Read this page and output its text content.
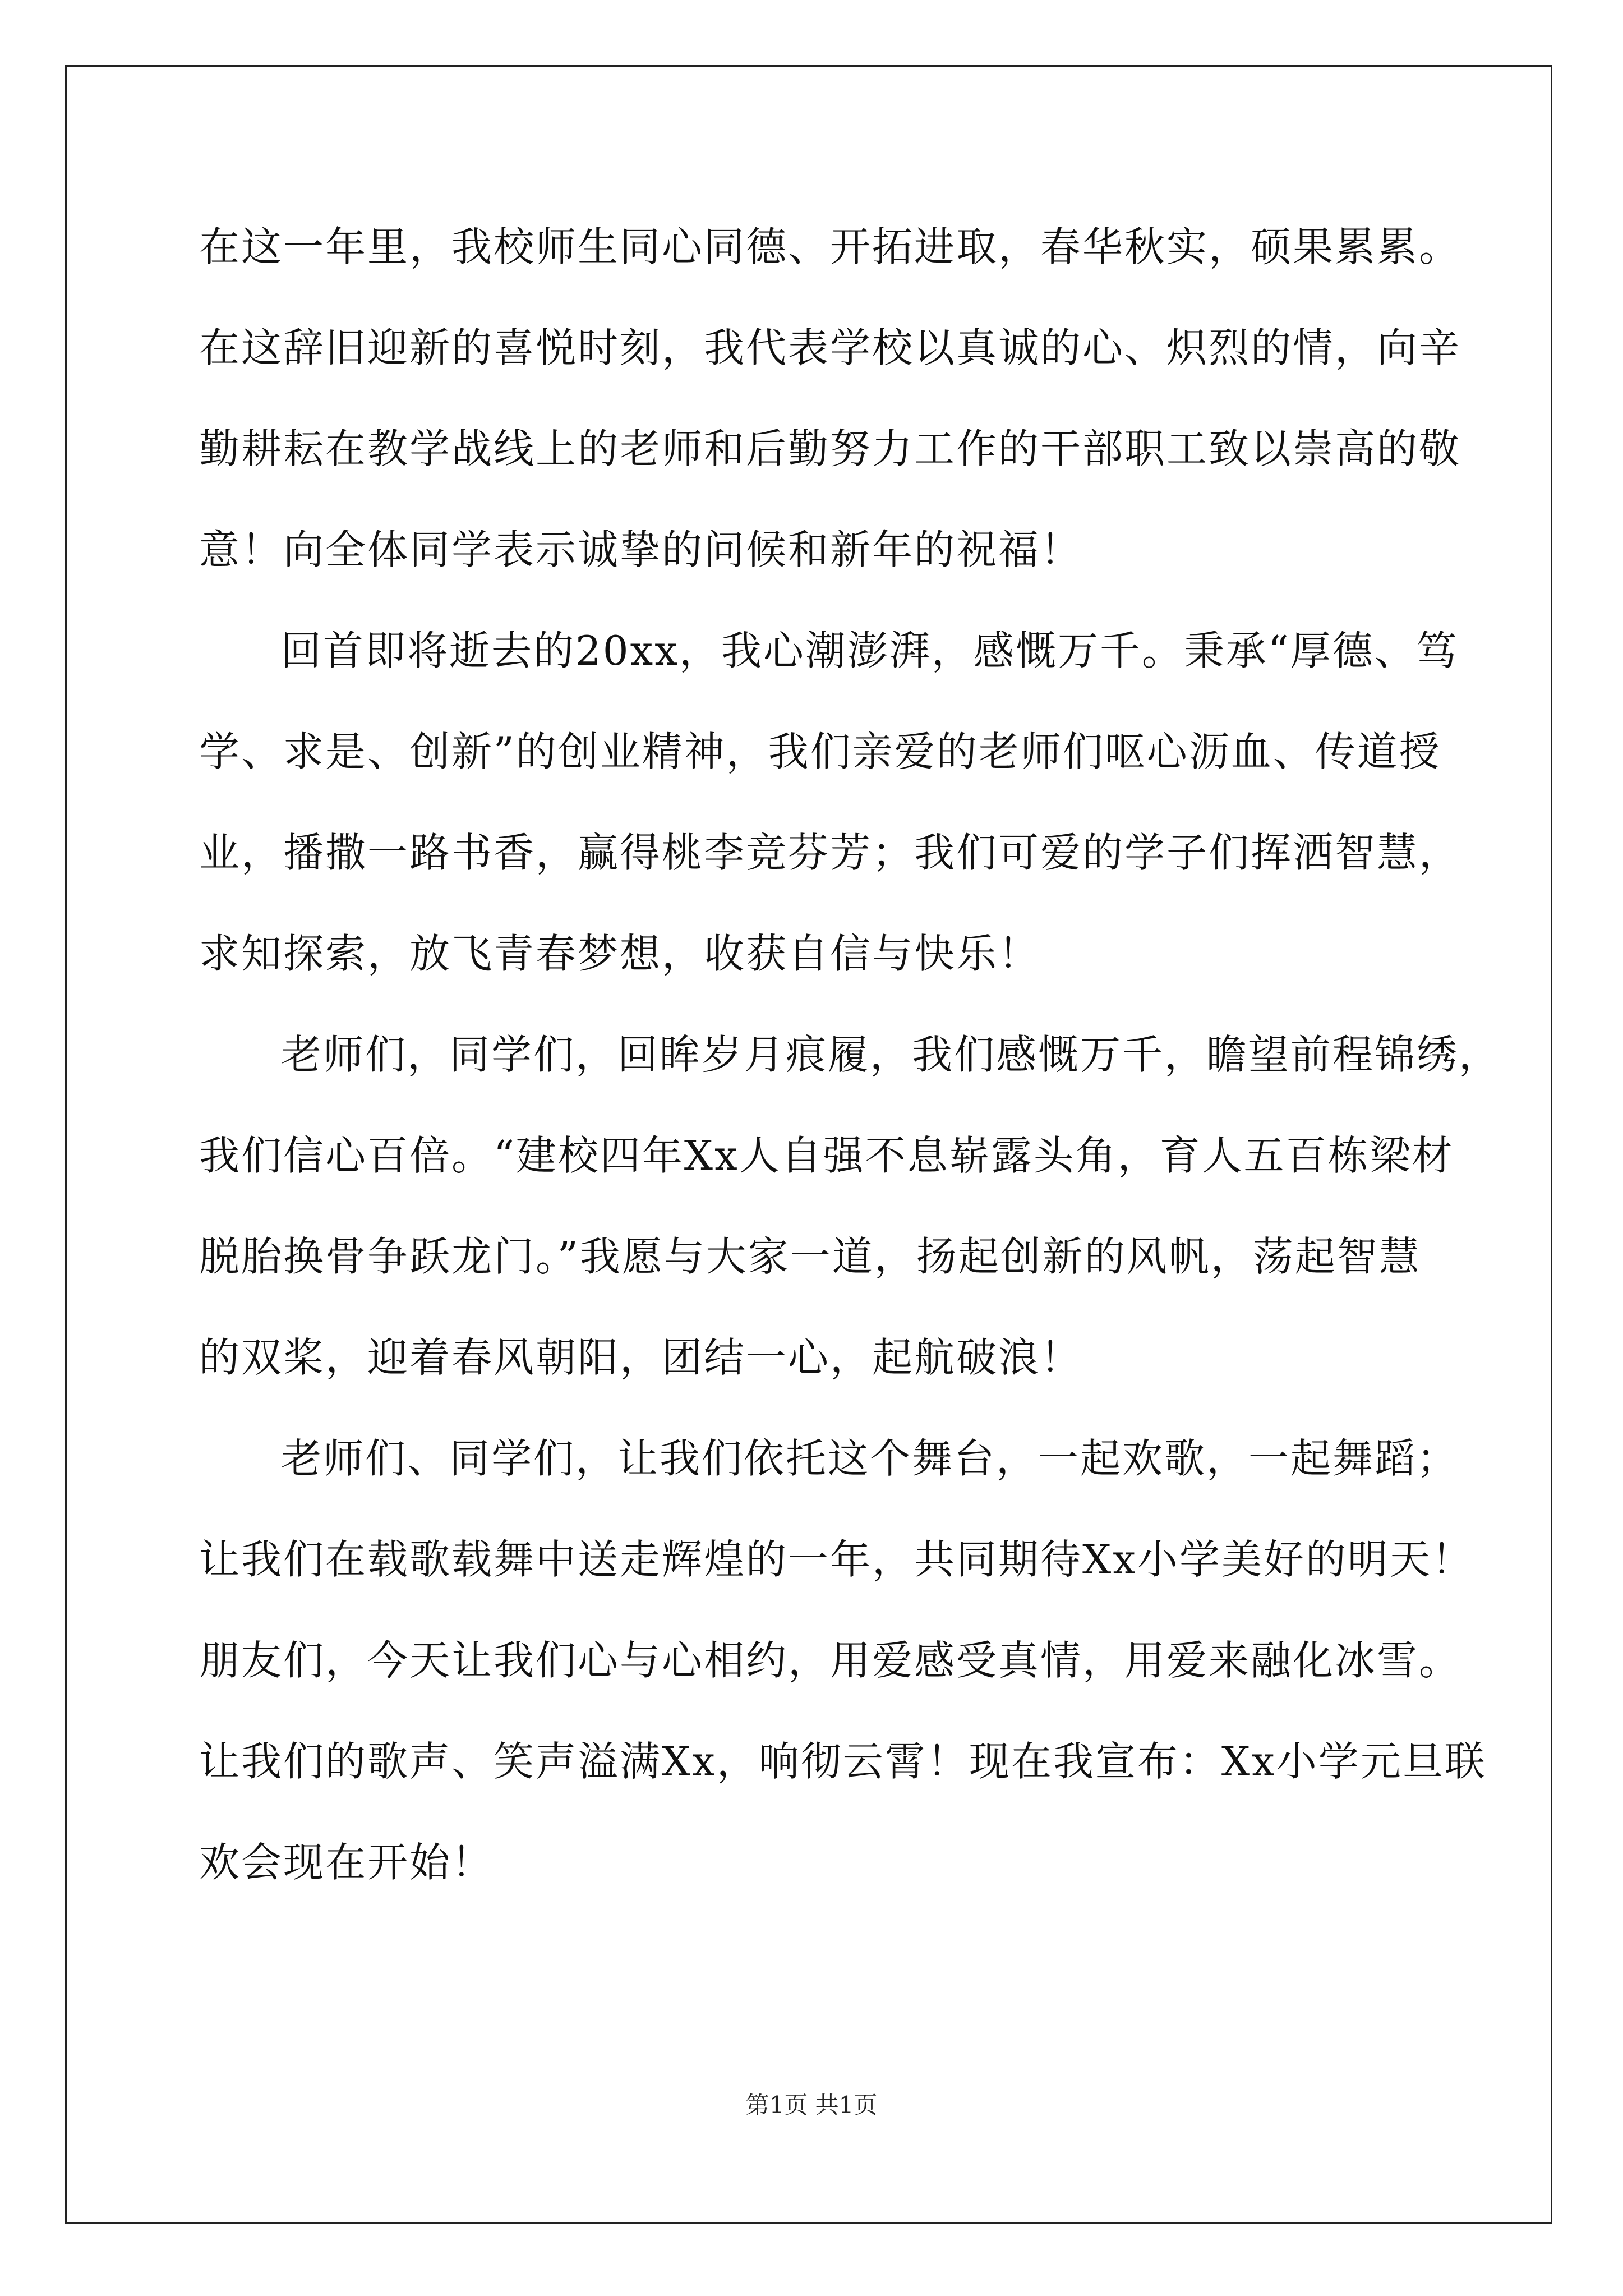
在这一年里，我校师生同心同德、开拓进取，春华秋实，硕果累累。
在这辞旧迎新的喜悦时刻，我代表学校以真诚的心、炽烈的情，向辛
勤耕耘在教学战线上的老师和后勤努力工作的干部职工致以崇高的敬
意！向全体同学表示诚挚的问候和新年的祝福！
回首即将逝去的20xx，我心潮澎湃，感慨万千。秉承“厚德、笃
学、求是、创新”的创业精神，我们亲爱的老师们呕心沥血、传道授
业，播撒一路书香，赢得桃李竞芬芳；我们可爱的学子们挥洒智慧，
求知探索，放飞青春梦想，收获自信与快乐！
老师们，同学们，回眸岁月痕履，我们感慨万千，瞻望前程锦绣，
我们信心百倍。“建校四年Xx人自强不息崭露头角，育人五百栋梁材
脱胎换骨争跃龙门。”我愿与大家一道，扬起创新的风帆，荡起智慧
的双桨，迎着春风朝阳，团结一心，起航破浪！
老师们、同学们，让我们依托这个舞台，一起欢歌，一起舞蹈；
让我们在载歌载舞中送走辉煌的一年，共同期待Xx小学美好的明天！
朋友们，今天让我们心与心相约，用爱感受真情，用爱来融化冰雪。
让我们的歌声、笑声溢满Xx，响彻云霄！现在我宣布：Xx小学元旦联
欢会现在开始！
第1页 共1页
